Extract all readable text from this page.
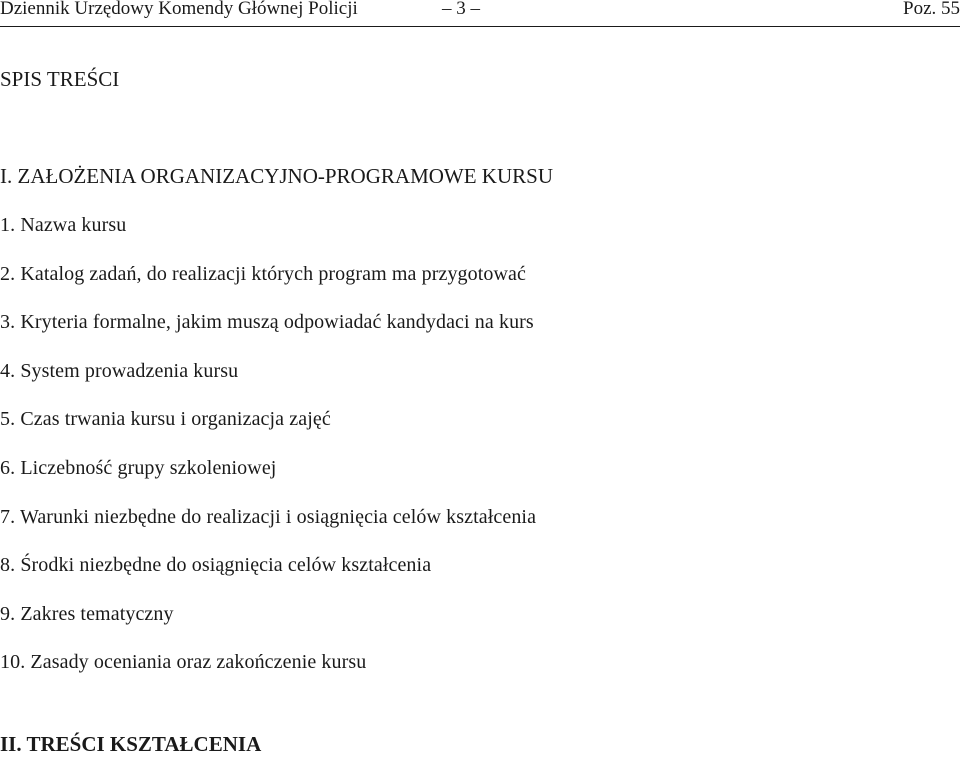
Dziennik Urzędowy Komendy Głównej Policji	– 3 –	Poz. 55
SPIS TREŚCI
I. ZAŁOŻENIA ORGANIZACYJNO-PROGRAMOWE KURSU
1. Nazwa kursu
2. Katalog zadań, do realizacji których program ma przygotować
3. Kryteria formalne, jakim muszą odpowiadać kandydaci na kurs
4. System prowadzenia kursu
5. Czas trwania kursu i organizacja zajęć
6. Liczebność grupy szkoleniowej
7. Warunki niezbędne do realizacji i osiągnięcia celów kształcenia
8. Środki niezbędne do osiągnięcia celów kształcenia
9. Zakres tematyczny
10. Zasady oceniania oraz zakończenie kursu
II. TREŚCI KSZTAŁCENIA
